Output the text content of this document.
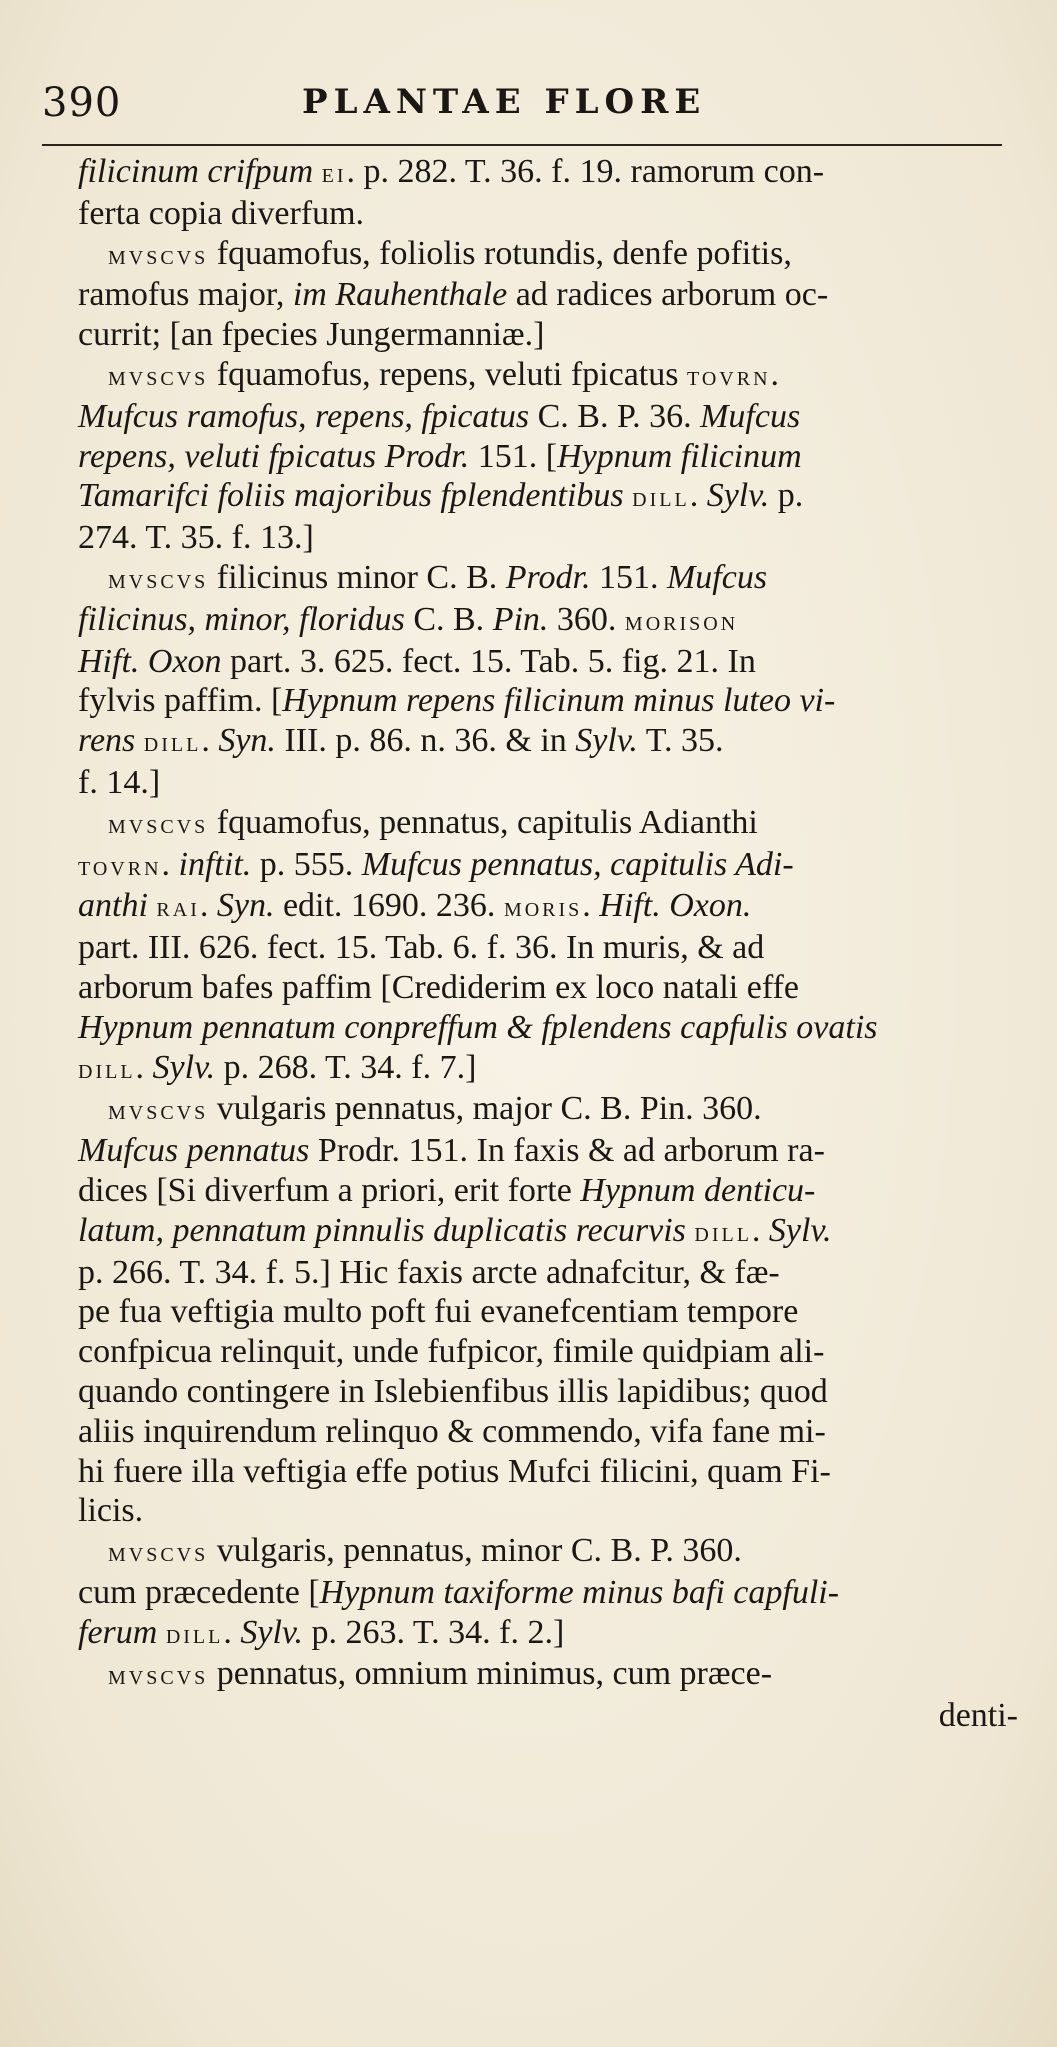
390	PLANTAE FLORE
filicinum crifpum ei. p. 282. T. 36. f. 19. ramorum con-
ferta copia diverfum.
mvscvs fquamofus, foliolis rotundis, denfe pofitis,
ramofus major, im Rauhenthale ad radices arborum oc-
currit; [an fpecies Jungermanniæ.]
mvscvs fquamofus, repens, veluti fpicatus tovrn.
Mufcus ramofus, repens, fpicatus C. B. P. 36. Mufcus
repens, veluti fpicatus Prodr. 151. [Hypnum filicinum
Tamarifci foliis majoribus fplendentibus dill. Sylv. p.
274. T. 35. f. 13.]
mvscvs filicinus minor C. B. Prodr. 151. Mufcus
filicinus, minor, floridus C. B. Pin. 360. morison
Hift. Oxon part. 3. 625. fect. 15. Tab. 5. fig. 21. In
fylvis paffim. [Hypnum repens filicinum minus luteo vi-
rens dill. Syn. III. p. 86. n. 36. & in Sylv. T. 35.
f. 14.]
mvscvs fquamofus, pennatus, capitulis Adianthi
tovrn. inftit. p. 555. Mufcus pennatus, capitulis Adi-
anthi rai. Syn. edit. 1690. 236. moris. Hift. Oxon.
part. III. 626. fect. 15. Tab. 6. f. 36. In muris, & ad
arborum bafes paffim [Crediderim ex loco natali effe
Hypnum pennatum conpreffum & fplendens capfulis ovatis
dill. Sylv. p. 268. T. 34. f. 7.]
mvscvs vulgaris pennatus, major C. B. Pin. 360.
Mufcus pennatus Prodr. 151. In faxis & ad arborum ra-
dices [Si diverfum a priori, erit forte Hypnum denticu-
latum, pennatum pinnulis duplicatis recurvis dill. Sylv.
p. 266. T. 34. f. 5.] Hic faxis arcte adnafcitur, & fæ-
pe fua veftigia multo poft fui evanefcentiam tempore
confpicua relinquit, unde fufpicor, fimile quidpiam ali-
quando contingere in Islebienfibus illis lapidibus; quod
aliis inquirendum relinquo & commendo, vifa fane mi-
hi fuere illa veftigia effe potius Mufci filicini, quam Fi-
licis.
mvscvs vulgaris, pennatus, minor C. B. P. 360.
cum præcedente [Hypnum taxiforme minus bafi capfuli-
ferum dill. Sylv. p. 263. T. 34. f. 2.]
mvscvs pennatus, omnium minimus, cum præce-
denti-
